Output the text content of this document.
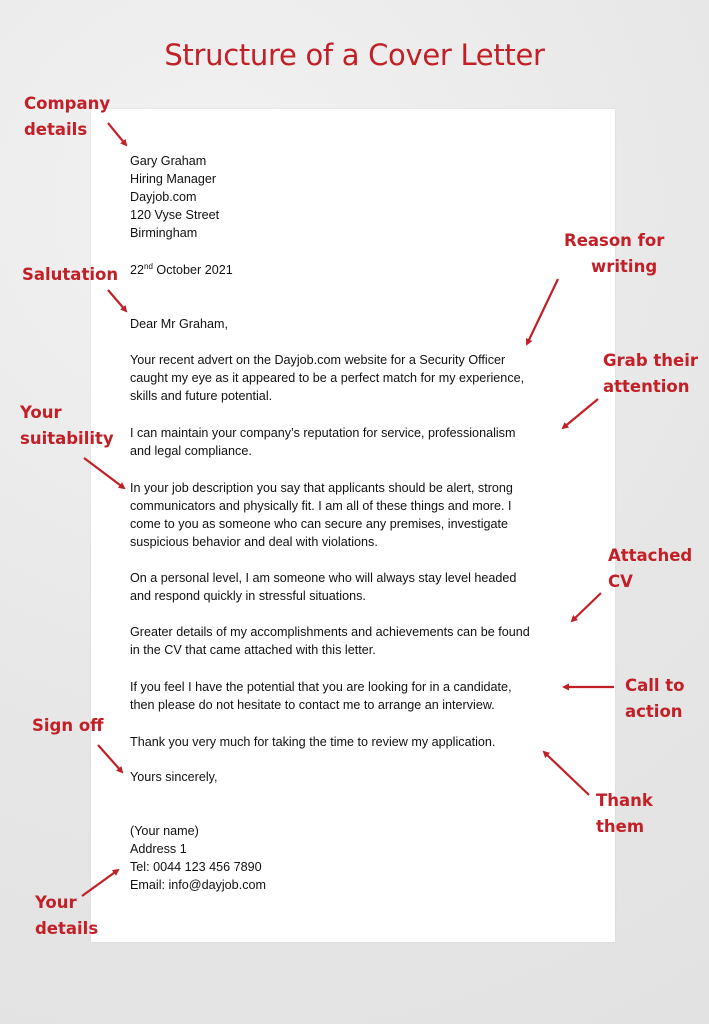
Structure of a Cover Letter
Gary Graham
Hiring Manager
Dayjob.com
120 Vyse Street
Birmingham
22nd October 2021
Dear Mr Graham,
Your recent advert on the Dayjob.com website for a Security Officer
caught my eye as it appeared to be a perfect match for my experience,
skills and future potential.
I can maintain your company’s reputation for service, professionalism
and legal compliance.
In your job description you say that applicants should be alert, strong
communicators and physically fit. I am all of these things and more. I
come to you as someone who can secure any premises, investigate
suspicious behavior and deal with violations.
On a personal level, I am someone who will always stay level headed
and respond quickly in stressful situations.
Greater details of my accomplishments and achievements can be found
in the CV that came attached with this letter.
If you feel I have the potential that you are looking for in a candidate,
then please do not hesitate to contact me to arrange an interview.
Thank you very much for taking the time to review my application.
Yours sincerely,
(Your name)
Address 1
Tel: 0044 123 456 7890
Email: info@dayjob.com
Company
details
Salutation
Reason for
writing
Grab their
attention
Your
suitability
Attached
CV
Call to
action
Sign off
Thank
them
Your
details
